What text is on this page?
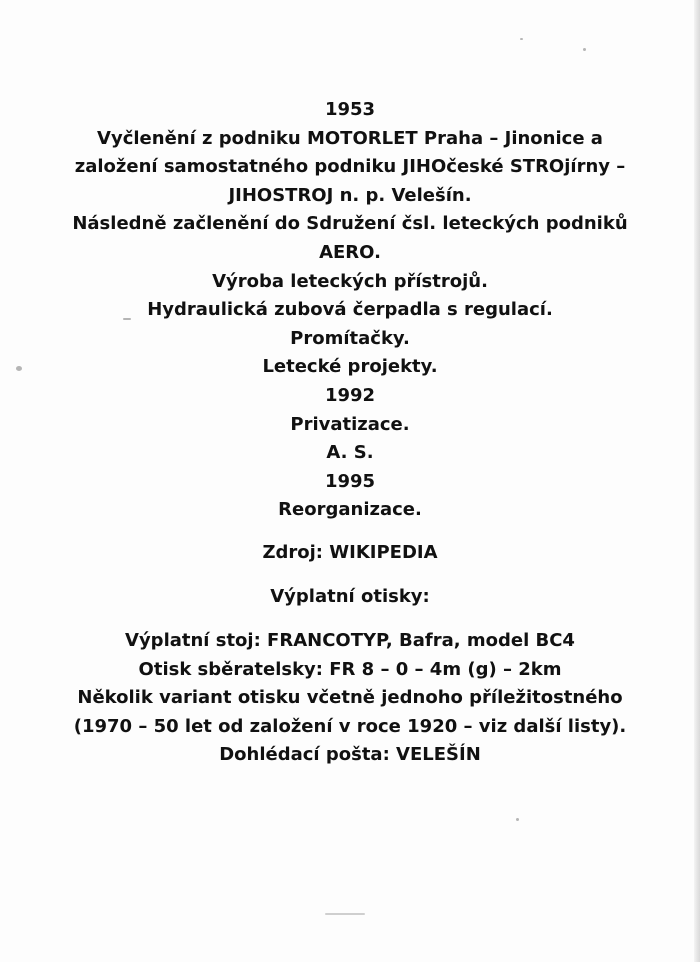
1953
Vyčlenění z podniku MOTORLET Praha – Jinonice a
založení samostatného podniku JIHOčeské STROjírny –
JIHOSTROJ n. p. Velešín.
Následně začlenění do Sdružení čsl. leteckých podniků
AERO.
Výroba leteckých přístrojů.
Hydraulická zubová čerpadla s regulací.
Promítačky.
Letecké projekty.
1992
Privatizace.
A. S.
1995
Reorganizace.
Zdroj: WIKIPEDIA
Výplatní otisky:
Výplatní stoj: FRANCOTYP, Bafra, model BC4
Otisk sběratelsky: FR 8 – 0 – 4m (g) – 2km
Několik variant otisku včetně jednoho příležitostného
(1970 – 50 let od založení v roce 1920 – viz další listy).
Dohlédací pošta: VELEŠÍN
